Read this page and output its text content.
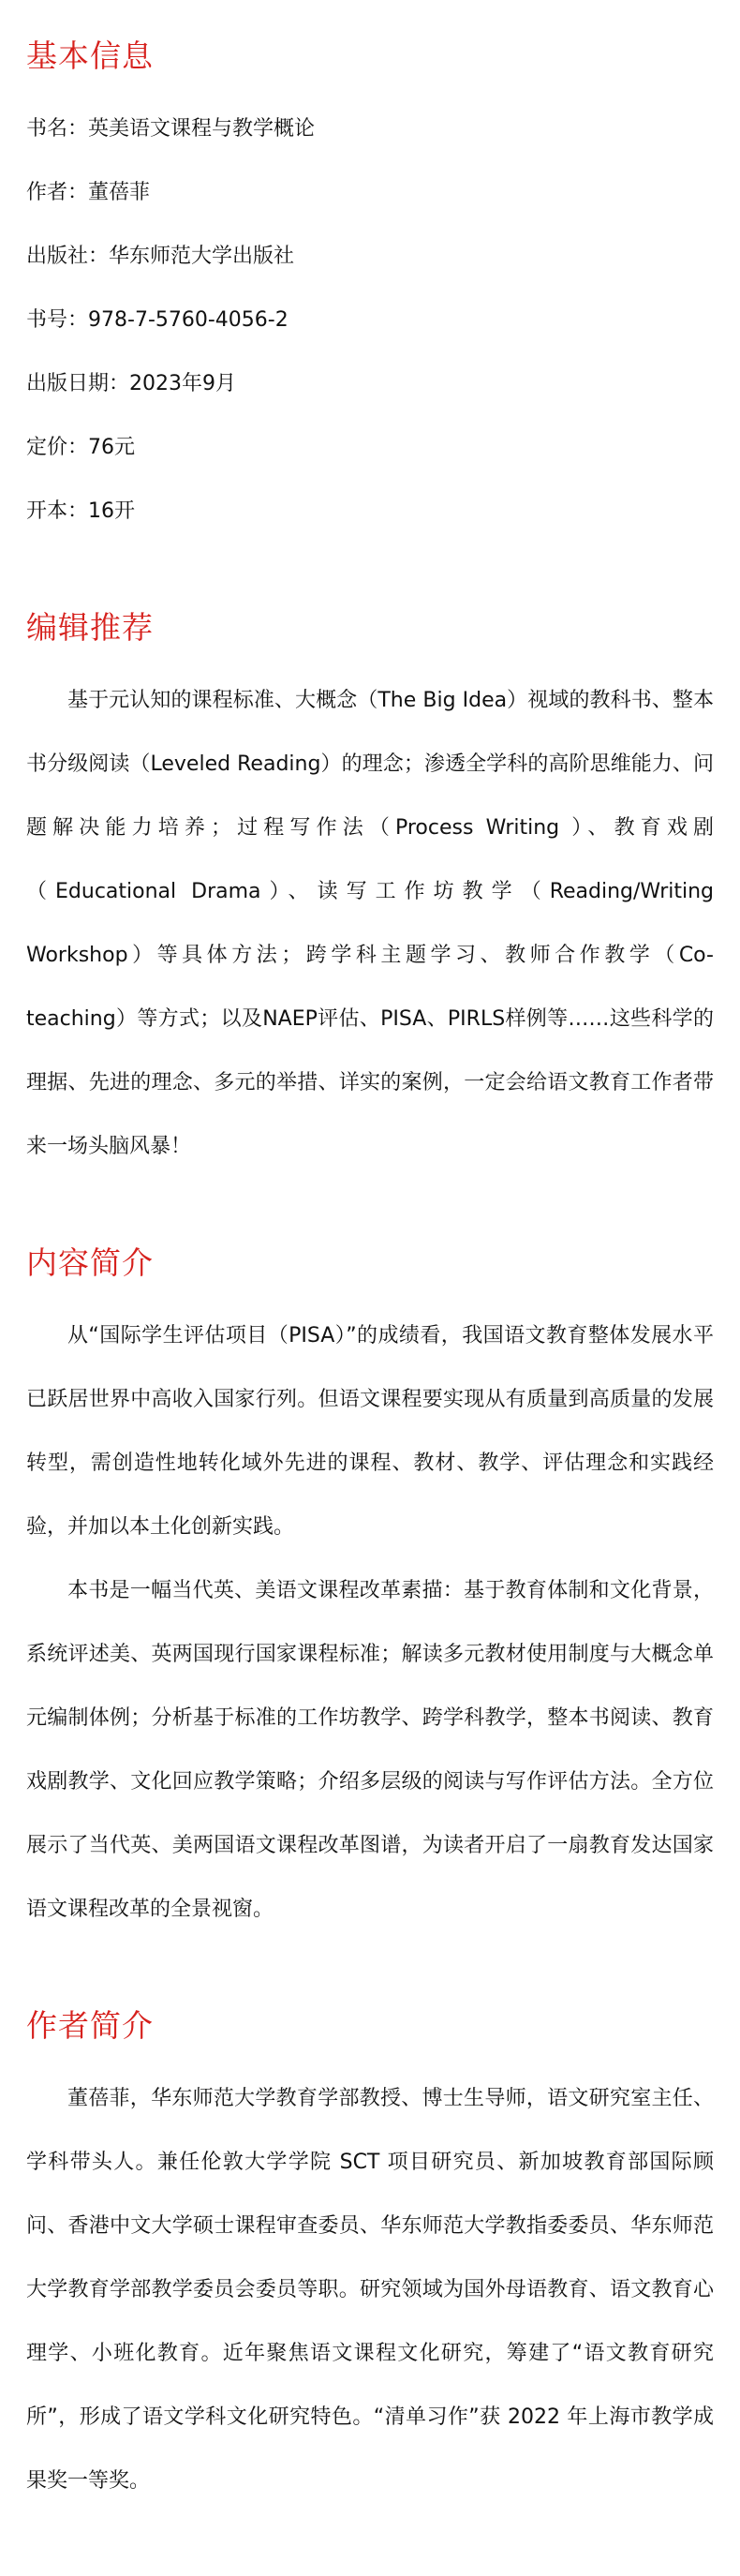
基本信息
书名：英美语文课程与教学概论
作者：董蓓菲
出版社：华东师范大学出版社
书号：978-7-5760-4056-2
出版日期：2023年9月
定价：76元
开本：16开
编辑推荐

基于元认知的课程标准、大概念（The Big Idea）视域的教科书、整本书分级阅读（Leveled Reading）的理念；渗透全学科的高阶思维能力、问题解决能力培养；过程写作法（Process Writing ）、教育戏剧（Educational Drama）、读写工作坊教学（Reading/Writing Workshop）等具体方法；跨学科主题学习、教师合作教学（Co-teaching）等方式；以及NAEP评估、PISA、PIRLS样例等……这些科学的理据、先进的理念、多元的举措、详实的案例，一定会给语文教育工作者带来一场头脑风暴！

内容简介

从“国际学生评估项目（PISA）”的成绩看，我国语文教育整体发展水平已跃居世界中高收入国家行列。但语文课程要实现从有质量到高质量的发展转型，需创造性地转化域外先进的课程、教材、教学、评估理念和实践经验，并加以本土化创新实践。

本书是一幅当代英、美语文课程改革素描：基于教育体制和文化背景，系统评述美、英两国现行国家课程标准；解读多元教材使用制度与大概念单元编制体例；分析基于标准的工作坊教学、跨学科教学，整本书阅读、教育戏剧教学、文化回应教学策略；介绍多层级的阅读与写作评估方法。全方位展示了当代英、美两国语文课程改革图谱，为读者开启了一扇教育发达国家语文课程改革的全景视窗。

作者简介

董蓓菲，华东师范大学教育学部教授、博士生导师，语文研究室主任、学科带头人。兼任伦敦大学学院 SCT 项目研究员、新加坡教育部国际顾问、香港中文大学硕士课程审查委员、华东师范大学教指委委员、华东师范大学教育学部教学委员会委员等职。研究领域为国外母语教育、语文教育心理学、小班化教育。近年聚焦语文课程文化研究，筹建了“语文教育研究所”，形成了语文学科文化研究特色。“清单习作”获 2022 年上海市教学成果奖一等奖。
